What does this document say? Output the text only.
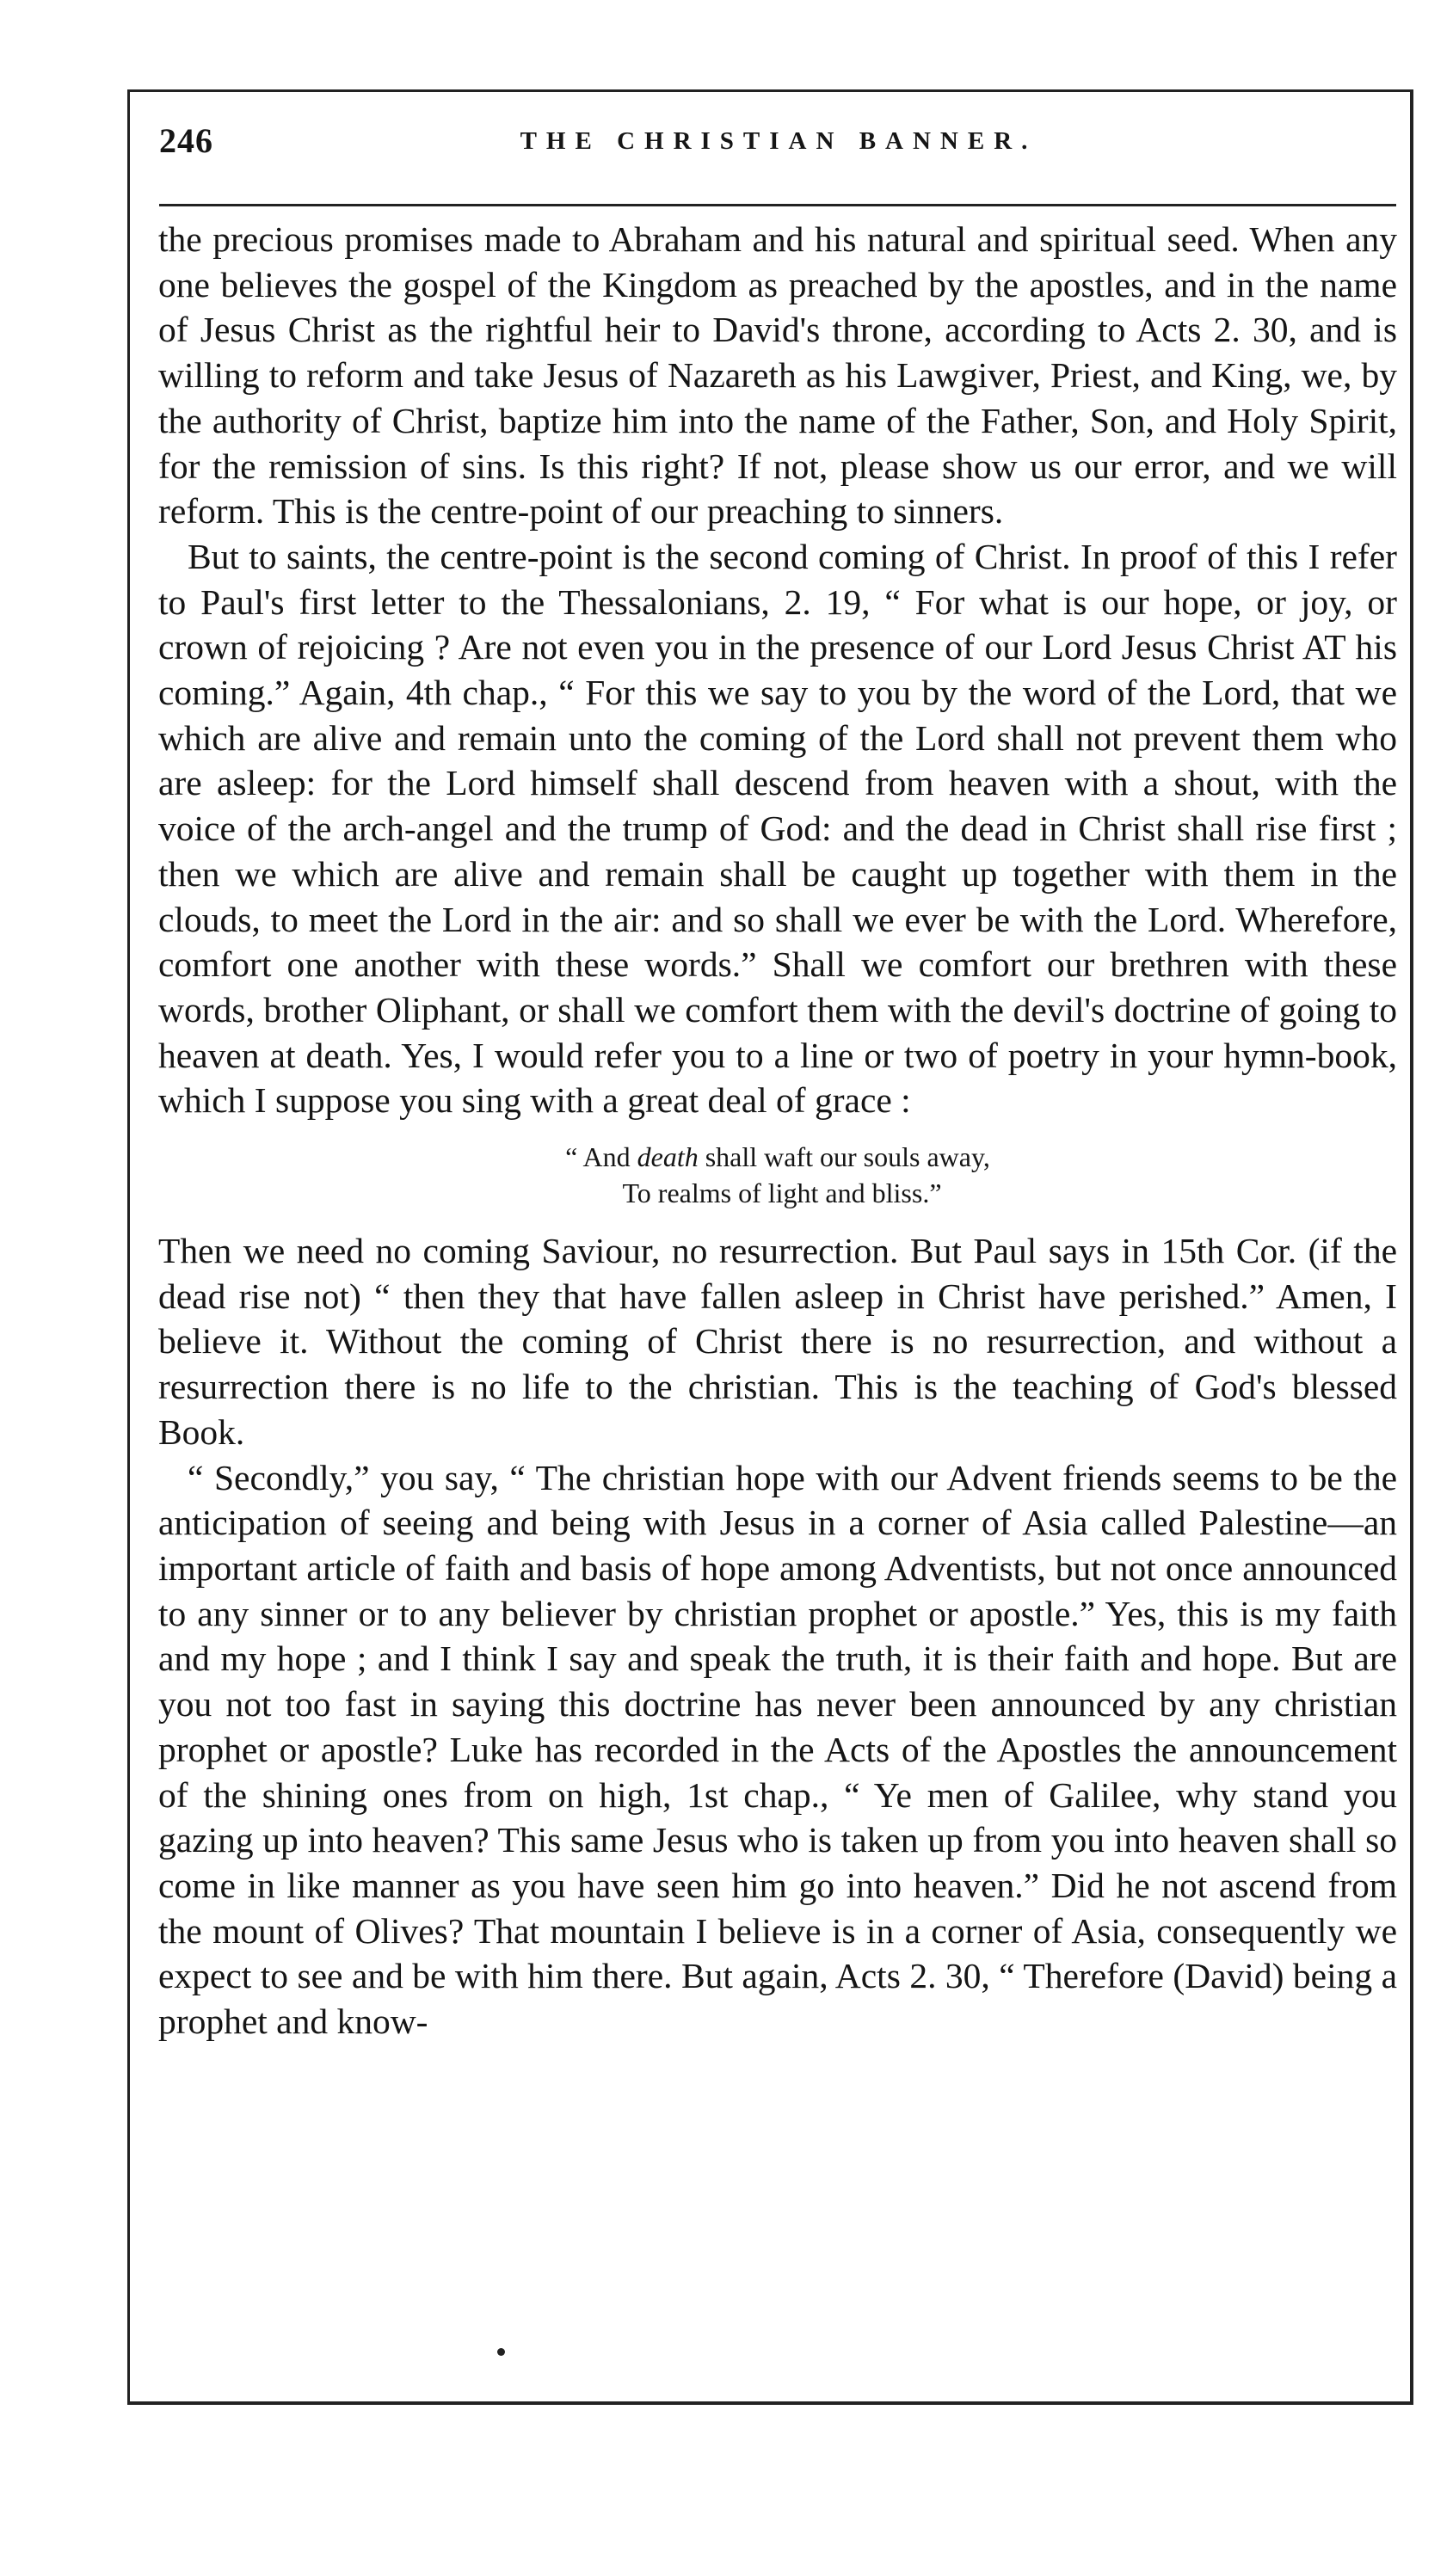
246	THE CHRISTIAN BANNER.

the precious promises made to Abraham and his natural and spiritual seed. When any one believes the gospel of the Kingdom as preached by the apostles, and in the name of Jesus Christ as the rightful heir to David's throne, according to Acts 2. 30, and is willing to reform and take Jesus of Nazareth as his Lawgiver, Priest, and King, we, by the authority of Christ, baptize him into the name of the Father, Son, and Holy Spirit, for the remission of sins. Is this right? If not, please show us our error, and we will reform. This is the centre-point of our preaching to sinners.

But to saints, the centre-point is the second coming of Christ. In proof of this I refer to Paul's first letter to the Thessalonians, 2. 19, “ For what is our hope, or joy, or crown of rejoicing ? Are not even you in the presence of our Lord Jesus Christ AT his coming.” Again, 4th chap., “ For this we say to you by the word of the Lord, that we which are alive and remain unto the coming of the Lord shall not prevent them who are asleep: for the Lord himself shall descend from heaven with a shout, with the voice of the arch-angel and the trump of God: and the dead in Christ shall rise first ; then we which are alive and remain shall be caught up together with them in the clouds, to meet the Lord in the air: and so shall we ever be with the Lord. Wherefore, comfort one another with these words.” Shall we comfort our brethren with these words, brother Oliphant, or shall we comfort them with the devil's doctrine of going to heaven at death. Yes, I would refer you to a line or two of poetry in your hymn-book, which I suppose you sing with a great deal of grace :

“ And death shall waft our souls away,
To realms of light and bliss.”

Then we need no coming Saviour, no resurrection. But Paul says in 15th Cor. (if the dead rise not) “ then they that have fallen asleep in Christ have perished.” Amen, I believe it. Without the coming of Christ there is no resurrection, and without a resurrection there is no life to the christian. This is the teaching of God's blessed Book.

“ Secondly,” you say, “ The christian hope with our Advent friends seems to be the anticipation of seeing and being with Jesus in a corner of Asia called Palestine—an important article of faith and basis of hope among Adventists, but not once announced to any sinner or to any believer by christian prophet or apostle.” Yes, this is my faith and my hope ; and I think I say and speak the truth, it is their faith and hope. But are you not too fast in saying this doctrine has never been announced by any christian prophet or apostle? Luke has recorded in the Acts of the Apostles the announcement of the shining ones from on high, 1st chap., “ Ye men of Galilee, why stand you gazing up into heaven? This same Jesus who is taken up from you into heaven shall so come in like manner as you have seen him go into heaven.” Did he not ascend from the mount of Olives? That mountain I believe is in a corner of Asia, consequently we expect to see and be with him there. But again, Acts 2. 30, “ Therefore (David) being a prophet and know-
